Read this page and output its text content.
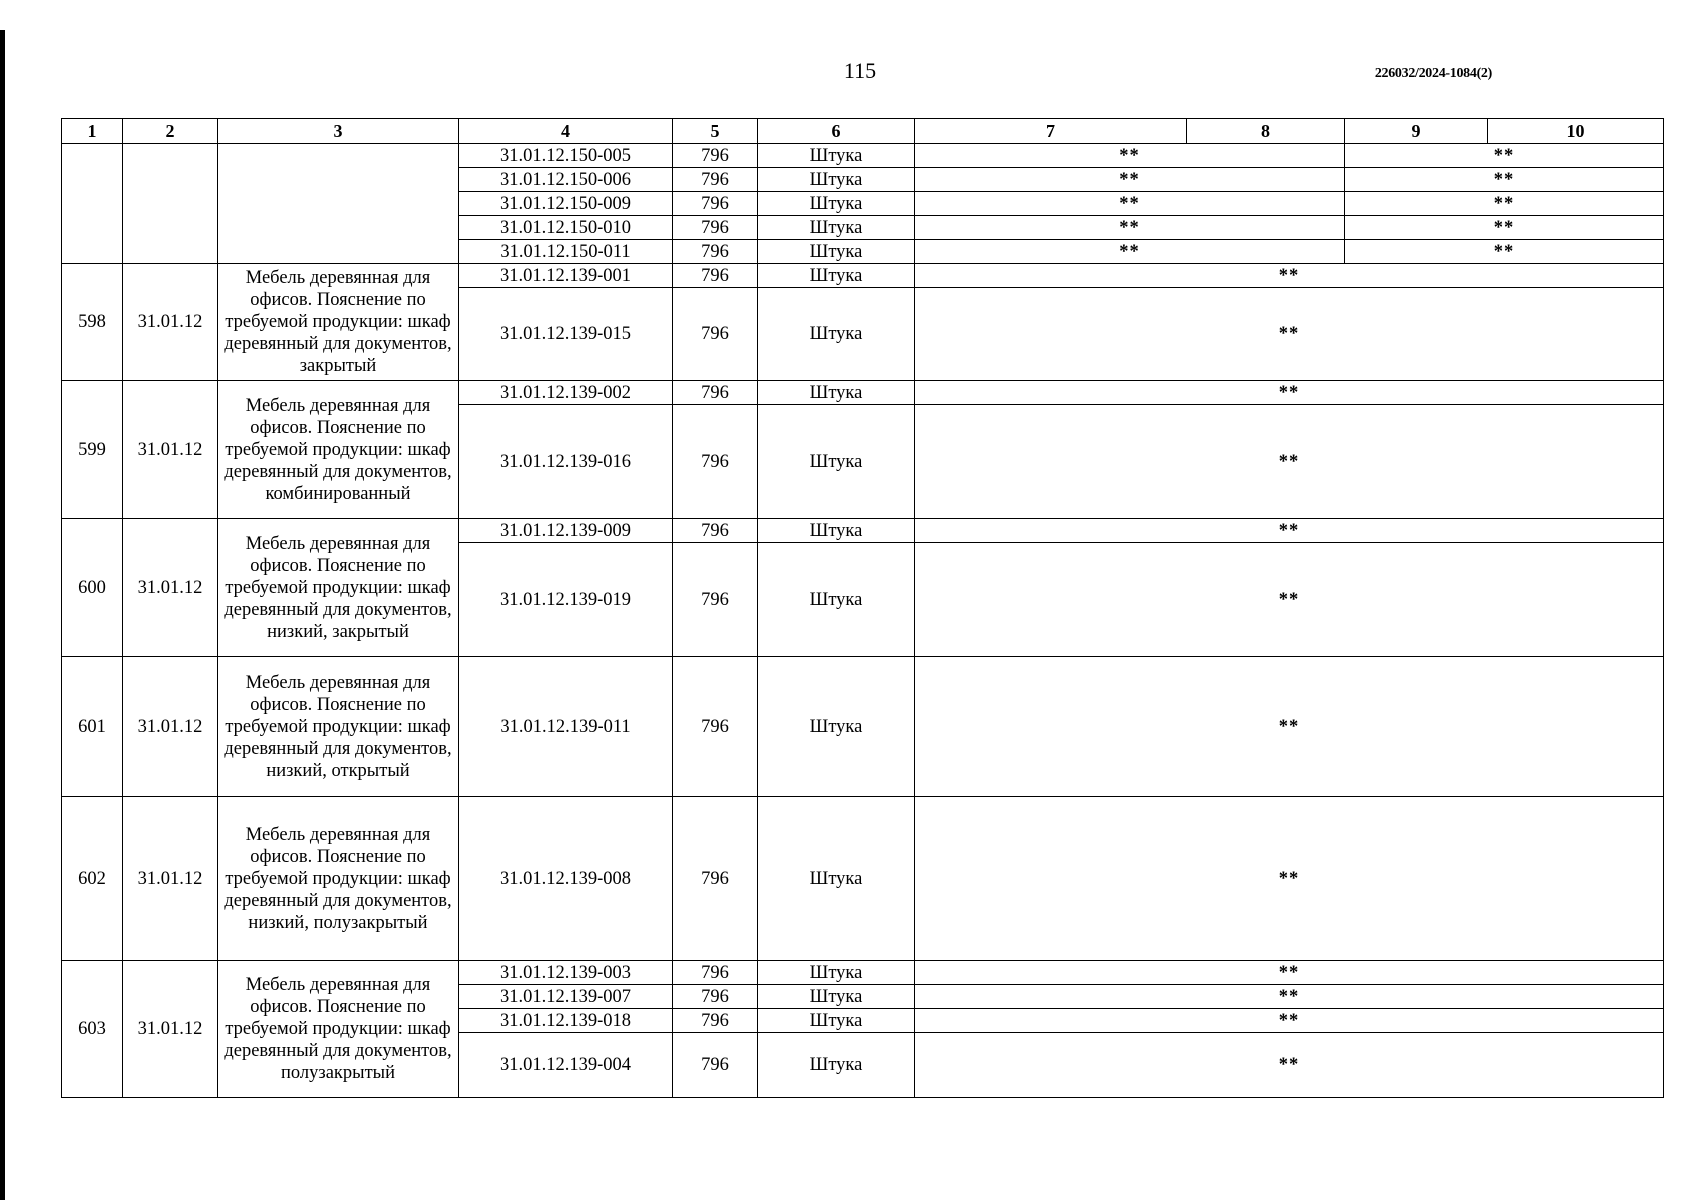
115	226032/2024-1084(2)
1	2	3	4	5	6	7	8	9	10
			31.01.12.150-005	796	Штука	**		**	
			31.01.12.150-006	796	Штука	**		**	
			31.01.12.150-009	796	Штука	**		**	
			31.01.12.150-010	796	Штука	**		**	
			31.01.12.150-011	796	Штука	**		**	
598	31.01.12	Мебель деревянная для офисов. Пояснение по требуемой продукции: шкаф деревянный для документов, закрытый	31.01.12.139-001	796	Штука	**			
			31.01.12.139-015	796	Штука	**			
599	31.01.12	Мебель деревянная для офисов. Пояснение по требуемой продукции: шкаф деревянный для документов, комбинированный	31.01.12.139-002	796	Штука	**			
			31.01.12.139-016	796	Штука	**			
600	31.01.12	Мебель деревянная для офисов. Пояснение по требуемой продукции: шкаф деревянный для документов, низкий, закрытый	31.01.12.139-009	796	Штука	**			
			31.01.12.139-019	796	Штука	**			
601	31.01.12	Мебель деревянная для офисов. Пояснение по требуемой продукции: шкаф деревянный для документов, низкий, открытый	31.01.12.139-011	796	Штука	**			
602	31.01.12	Мебель деревянная для офисов. Пояснение по требуемой продукции: шкаф деревянный для документов, низкий, полузакрытый	31.01.12.139-008	796	Штука	**			
603	31.01.12	Мебель деревянная для офисов. Пояснение по требуемой продукции: шкаф деревянный для документов, полузакрытый	31.01.12.139-003	796	Штука	**			
			31.01.12.139-007	796	Штука	**			
			31.01.12.139-018	796	Штука	**			
			31.01.12.139-004	796	Штука	**			
